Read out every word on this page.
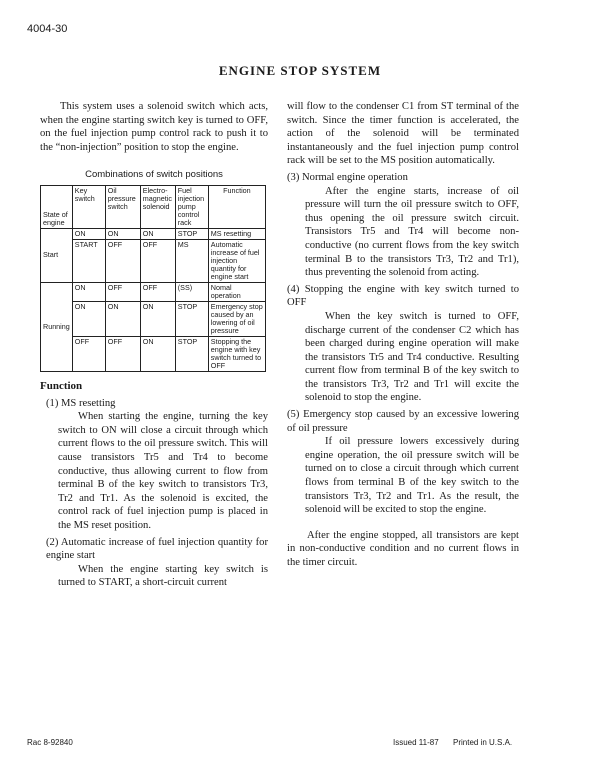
4004-30
ENGINE STOP SYSTEM

This system uses a solenoid switch which acts, when the engine starting switch key is turned to OFF, on the fuel injection pump control rack to push it to the “non-injection” position to stop the engine.

Combinations of switch positions
State of engine	Key switch	Oil pressure switch	Electro-magnetic solenoid	Fuel injection pump control rack	Function
Start	ON	ON	ON	STOP	MS resetting
	START	OFF	OFF	MS	Automatic increase of fuel injection quantity for engine start
Running	ON	OFF	OFF	(SS)	Nomal operation
	ON	ON	ON	STOP	Emergency stop caused by an lowering of oil pressure
	OFF	OFF	ON	STOP	Stopping the engine with key switch turned to OFF
Function

(1) MS resetting

When starting the engine, turning the key switch to ON will close a circuit through which current flows to the oil pressure switch. This will cause transistors Tr5 and Tr4 to become conductive, thus allowing current to flow from terminal B of the key switch to transistors Tr3, Tr2 and Tr1. As the solenoid is excited, the control rack of fuel injection pump is placed in the MS reset position.

(2) Automatic increase of fuel injection quantity for engine start

When the engine starting key switch is turned to START, a short-circuit current

will flow to the condenser C1 from ST terminal of the switch. Since the timer function is accelerated, the action of the solenoid will be terminated instantaneously and the fuel injection pump control rack will be set to the MS position automatically.

(3) Normal engine operation

After the engine starts, increase of oil pressure will turn the oil pressure switch to OFF, thus opening the oil pressure switch circuit. Transistors Tr5 and Tr4 will become non-conductive (no current flows from the key switch terminal B to the transistors Tr3, Tr2 and Tr1), thus preventing the solenoid from acting.

(4) Stopping the engine with key switch turned to OFF

When the key switch is turned to OFF, discharge current of the condenser C2 which has been charged during engine operation will make the transistors Tr5 and Tr4 conductive. Resulting current flow from terminal B of the key switch to the transistors Tr3, Tr2 and Tr1 will excite the solenoid to stop the engine.

(5) Emergency stop caused by an excessive lowering of oil pressure

If oil pressure lowers excessively during engine operation, the oil pressure switch will be turned on to close a circuit through which current flows from terminal B of the key switch to the transistors Tr3, Tr2 and Tr1. As the result, the solenoid will be excited to stop the engine.

After the engine stopped, all transistors are kept in non-conductive condition and no current flows in the timer circuit.

Rac 8-92840	Issued 11-87 Printed in U.S.A.
